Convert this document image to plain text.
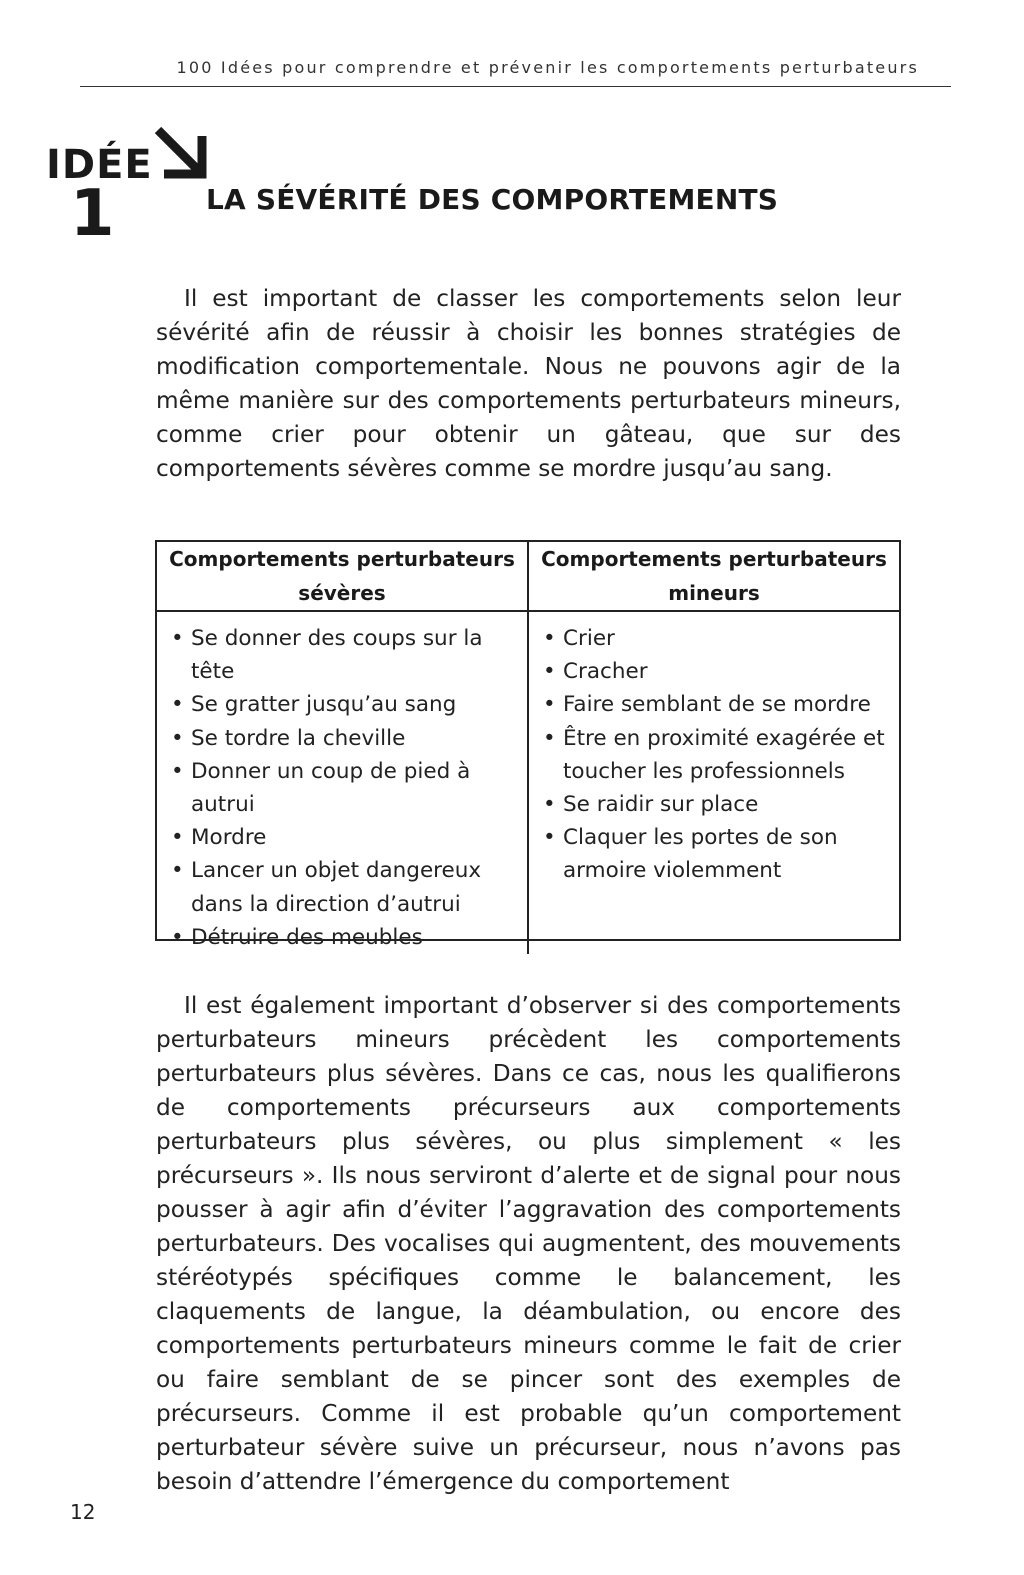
100 Idées pour comprendre et prévenir les comportements perturbateurs
IDÉE
1	LA SÉVÉRITÉ DES COMPORTEMENTS

Il est important de classer les comportements selon leur sévérité afin de réussir à choisir les bonnes stratégies de modification comportementale. Nous ne pouvons agir de la même manière sur des comportements perturbateurs mineurs, comme crier pour obtenir un gâteau, que sur des comportements sévères comme se mordre jusqu’au sang.

Comportements perturbateurs sévères
Comportements perturbateurs mineurs
• Se donner des coups sur la tête
• Se gratter jusqu’au sang
• Se tordre la cheville
• Donner un coup de pied à autrui
• Mordre
• Lancer un objet dangereux dans la direction d’autrui
• Détruire des meubles
• Crier
• Cracher
• Faire semblant de se mordre
• Être en proximité exagérée et toucher les professionnels
• Se raidir sur place
• Claquer les portes de son armoire violemment

Il est également important d’observer si des comportements perturbateurs mineurs précèdent les comportements perturbateurs plus sévères. Dans ce cas, nous les qualifierons de comportements précurseurs aux comportements perturbateurs plus sévères, ou plus simplement « les précurseurs ». Ils nous serviront d’alerte et de signal pour nous pousser à agir afin d’éviter l’aggravation des comportements perturbateurs. Des vocalises qui augmentent, des mouvements stéréotypés spécifiques comme le balancement, les claquements de langue, la déambulation, ou encore des comportements perturbateurs mineurs comme le fait de crier ou faire semblant de se pincer sont des exemples de précurseurs. Comme il est probable qu’un comportement perturbateur sévère suive un précurseur, nous n’avons pas besoin d’attendre l’émergence du comportement

12
